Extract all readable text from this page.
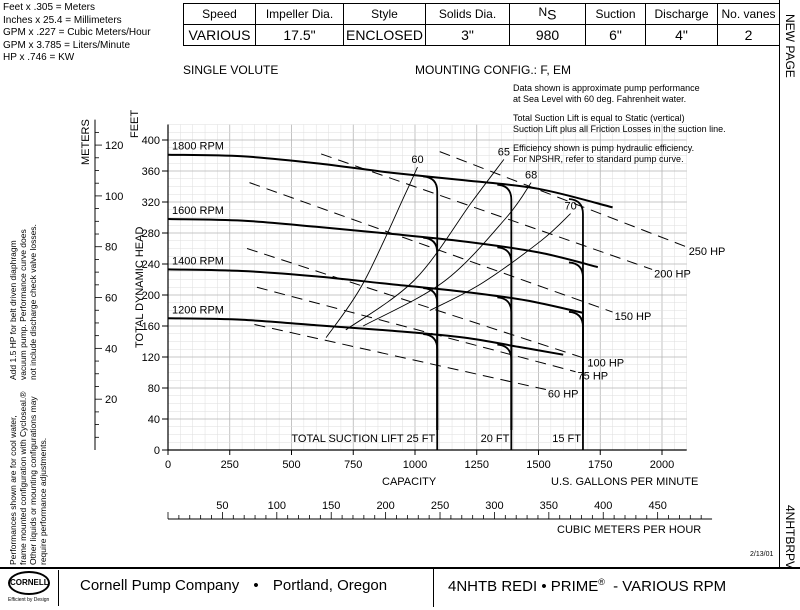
Feet x .305 = Meters
Inches x 25.4 = Millimeters
GPM x .227 = Cubic Meters/Hour
GPM x 3.785 = Liters/Minute
HP x .746 = KW
Speed	Impeller Dia.	Style	Solids Dia.	$N_S$	Suction	Discharge	No. vanes
VARIOUS	17.5"	ENCLOSED	3"	980	6"	4"	2	NEW PAGE
4NHTBRPV
Add 1.5 HP for belt driven diaphragm vacuum pump. Performance curve does not include discharge check valve losses.
Performances shown are for cool water, frame mounted configuration with Cycloseal.® Other liquids or mounting configurations may require performance adjustments.	0
40
80
120
160
200
240
280
320
360
400
0	250	500	750	1000	1250	1500	1750	2000
20
40
60
80
100
120
50	100	150	200	250	300	350	400	450
250 HP
200 HP
150 HP
100 HP
75 HP
60 HP
60
65
68
70
1800 RPM
1600 RPM
1400 RPM
1200 RPM
TOTAL SUCTION LIFT 25 FT	20 FT	15 FT
SINGLE VOLUTE	MOUNTING CONFIG.: F, EM
Data shown is approximate pump performance
at Sea Level with 60 deg. Fahrenheit water.
Total Suction Lift is equal to Static (vertical)
Suction Lift plus all Friction Losses in the suction line.
Efficiency shown is pump hydraulic efficiency.
For NPSHR, refer to standard pump curve.
CAPACITY	U.S. GALLONS PER MINUTE
CUBIC METERS PER HOUR
TOTAL DYNAMIC HEAD
FEET
METERS
2/13/01
CORNELL
Efficient by Design
Cornell Pump Company • Portland, Oregon	4NHTB REDI • PRIME® - VARIOUS RPM
